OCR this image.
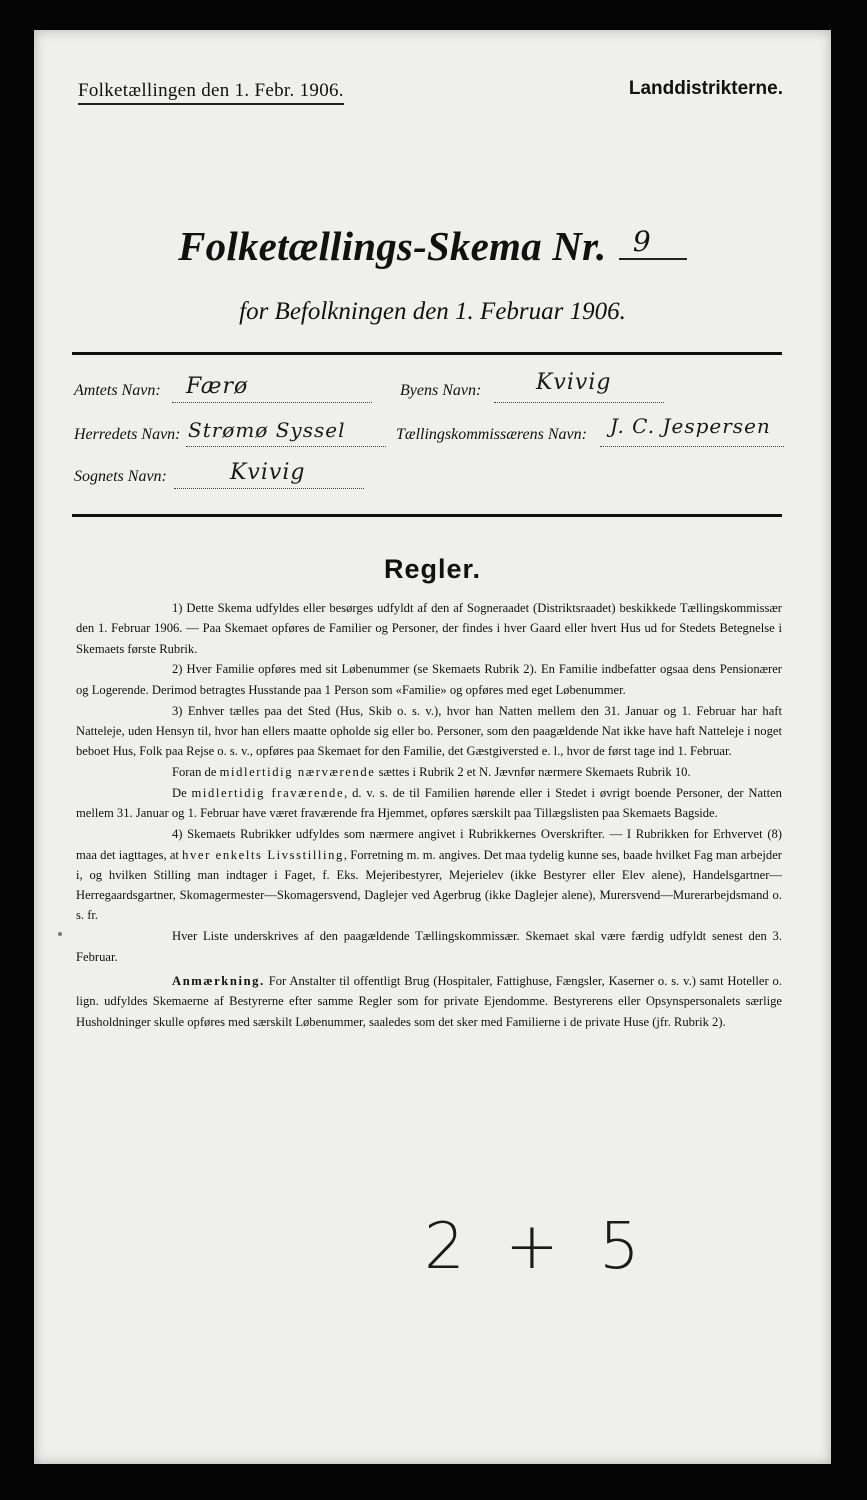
Folketællingen den 1. Febr. 1906.	Landdistrikterne.
Folketællings-Skema Nr. 9
for Befolkningen den 1. Februar 1906.
Amtets Navn: Færø	Byens Navn: Kvivig
Herredets Navn: Strømø Syssel	Tællingskommissærens Navn: J. C. Jespersen
Sognets Navn:	Kvivig
Regler.

1) Dette Skema udfyldes eller besørges udfyldt af den af Sogneraadet (Distriktsraadet) beskikkede Tællingskommissær den 1. Februar 1906. — Paa Skemaet opføres de Familier og Personer, der findes i hver Gaard eller hvert Hus ud for Stedets Betegnelse i Skemaets første Rubrik.

2) Hver Familie opføres med sit Løbenummer (se Skemaets Rubrik 2). En Familie indbefatter ogsaa dens Pensionærer og Logerende. Derimod betragtes Husstande paa 1 Person som «Familie» og opføres med eget Løbenummer.

3) Enhver tælles paa det Sted (Hus, Skib o. s. v.), hvor han Natten mellem den 31. Januar og 1. Februar har haft Natteleje, uden Hensyn til, hvor han ellers maatte opholde sig eller bo. Personer, som den paagældende Nat ikke have haft Natteleje i noget beboet Hus, Folk paa Rejse o. s. v., opføres paa Skemaet for den Familie, det Gæstgiversted e. l., hvor de først tage ind 1. Februar.

Foran de midlertidig nærværende sættes i Rubrik 2 et N. Jævnfør nærmere Skemaets Rubrik 10.

De midlertidig fraværende, d. v. s. de til Familien hørende eller i Stedet i øvrigt boende Personer, der Natten mellem 31. Januar og 1. Februar have været fraværende fra Hjemmet, opføres særskilt paa Tillægslisten paa Skemaets Bagside.

4) Skemaets Rubrikker udfyldes som nærmere angivet i Rubrikkernes Overskrifter. — I Rubrikken for Erhvervet (8) maa det iagttages, at hver enkelts Livsstilling, Forretning m. m. angives. Det maa tydelig kunne ses, baade hvilket Fag man arbejder i, og hvilken Stilling man indtager i Faget, f. Eks. Mejeribestyrer, Mejerielev (ikke Bestyrer eller Elev alene), Handelsgartner—Herregaardsgartner, Skomagermester—Skomagersvend, Daglejer ved Agerbrug (ikke Daglejer alene), Murersvend—Murerarbejdsmand o. s. fr.

Hver Liste underskrives af den paagældende Tællingskommissær. Skemaet skal være færdig udfyldt senest den 3. Februar.

Anmærkning. For Anstalter til offentligt Brug (Hospitaler, Fattighuse, Fængsler, Kaserner o. s. v.) samt Hoteller o. lign. udfyldes Skemaerne af Bestyrerne efter samme Regler som for private Ejendomme. Bestyrerens eller Opsynspersonalets særlige Husholdninger skulle opføres med særskilt Løbenummer, saaledes som det sker med Familierne i de private Huse (jfr. Rubrik 2).

2 + 5
